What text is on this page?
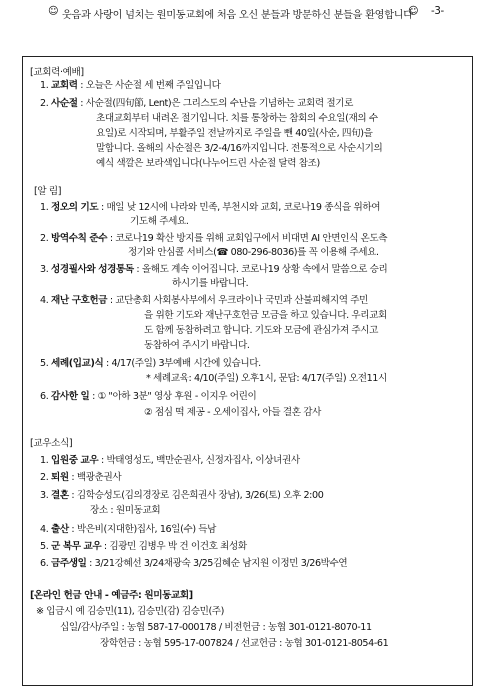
☺ 웃음과 사랑이 넘치는 원미동교회에 처음 오신 분들과 방문하신 분들을 환영합니다
☺ -3-
[교회력·예배]
1. 교회력 : 오늘은 사순절 세 번째 주일입니다
2. 사순절 : 사순절(四旬節, Lent)은 그리스도의 수난을 기념하는 교회력 절기로
초대교회부터 내려온 절기입니다. 치를 통창하는 참회의 수요일(재의 수
요일)로 시작되며, 부활주일 전날까지로 주일을 뺀 40일(사순, 四旬)을
말합니다. 올해의 사순절은 3/2-4/16까지입니다. 전통적으로 사순시기의
예식 색깔은 보라색입니다(나누어드린 사순절 달력 참조)
[알 림]
1. 정오의 기도 : 매일 낮 12시에 나라와 민족, 부천시와 교회, 코로나19 종식을 위하여
기도해 주세요.
2. 방역수칙 준수 : 코로나19 확산 방지를 위해 교회입구에서 비대면 AI 안면인식 온도측
정기와 안심콜 서비스(☎ 080-296-8036)를 꼭 이용해 주세요.
3. 성경필사와 성경통독 : 올해도 계속 이어집니다. 코로나19 상황 속에서 말씀으로 승리
하시기를 바랍니다.
4. 재난 구호헌금 : 교단총회 사회봉사부에서 우크라이나 국민과 산불피해지역 주민
을 위한 기도와 재난구호헌금 모금을 하고 있습니다. 우리교회
도 함께 동참하려고 합니다. 기도와 모금에 관심가져 주시고
동참하여 주시기 바랍니다.
5. 세례(입교)식 : 4/17(주일) 3부예배 시간에 있습니다.
* 세례교육: 4/10(주일) 오후1시, 문답: 4/17(주일) 오전11시
6. 감사한 일 : ① "아하 3분" 영상 후원 - 이지우 어린이
② 점심 떡 제공 - 오세이집사, 아들 결혼 감사
[교우소식]
1. 입원중 교우 : 박태영성도, 백만순권사, 신정자집사, 이상녀권사
2. 퇴원 : 백광춘권사
3. 결혼 : 김학승성도(김의경장로 김은희권사 장남), 3/26(토) 오후 2:00
장소 : 원미동교회
4. 출산 : 박은비(지대한)집사, 16일(수) 득남
5. 군 복무 교우 : 김광민 김병우 박 건 이건호 최성화
6. 금주생일 : 3/21강혜선 3/24채광숙 3/25김혜순 남지원 이정민 3/26박수연
[온라인 헌금 안내 - 예금주: 원미동교회]
※ 입금시 예 김승민(11), 김승민(감) 김승민(주)
십일/감사/주일 : 농협 587-17-000178 / 비전헌금 : 농협 301-0121-8070-11
장학헌금 : 농협 595-17-007824 / 선교헌금 : 농협 301-0121-8054-61
